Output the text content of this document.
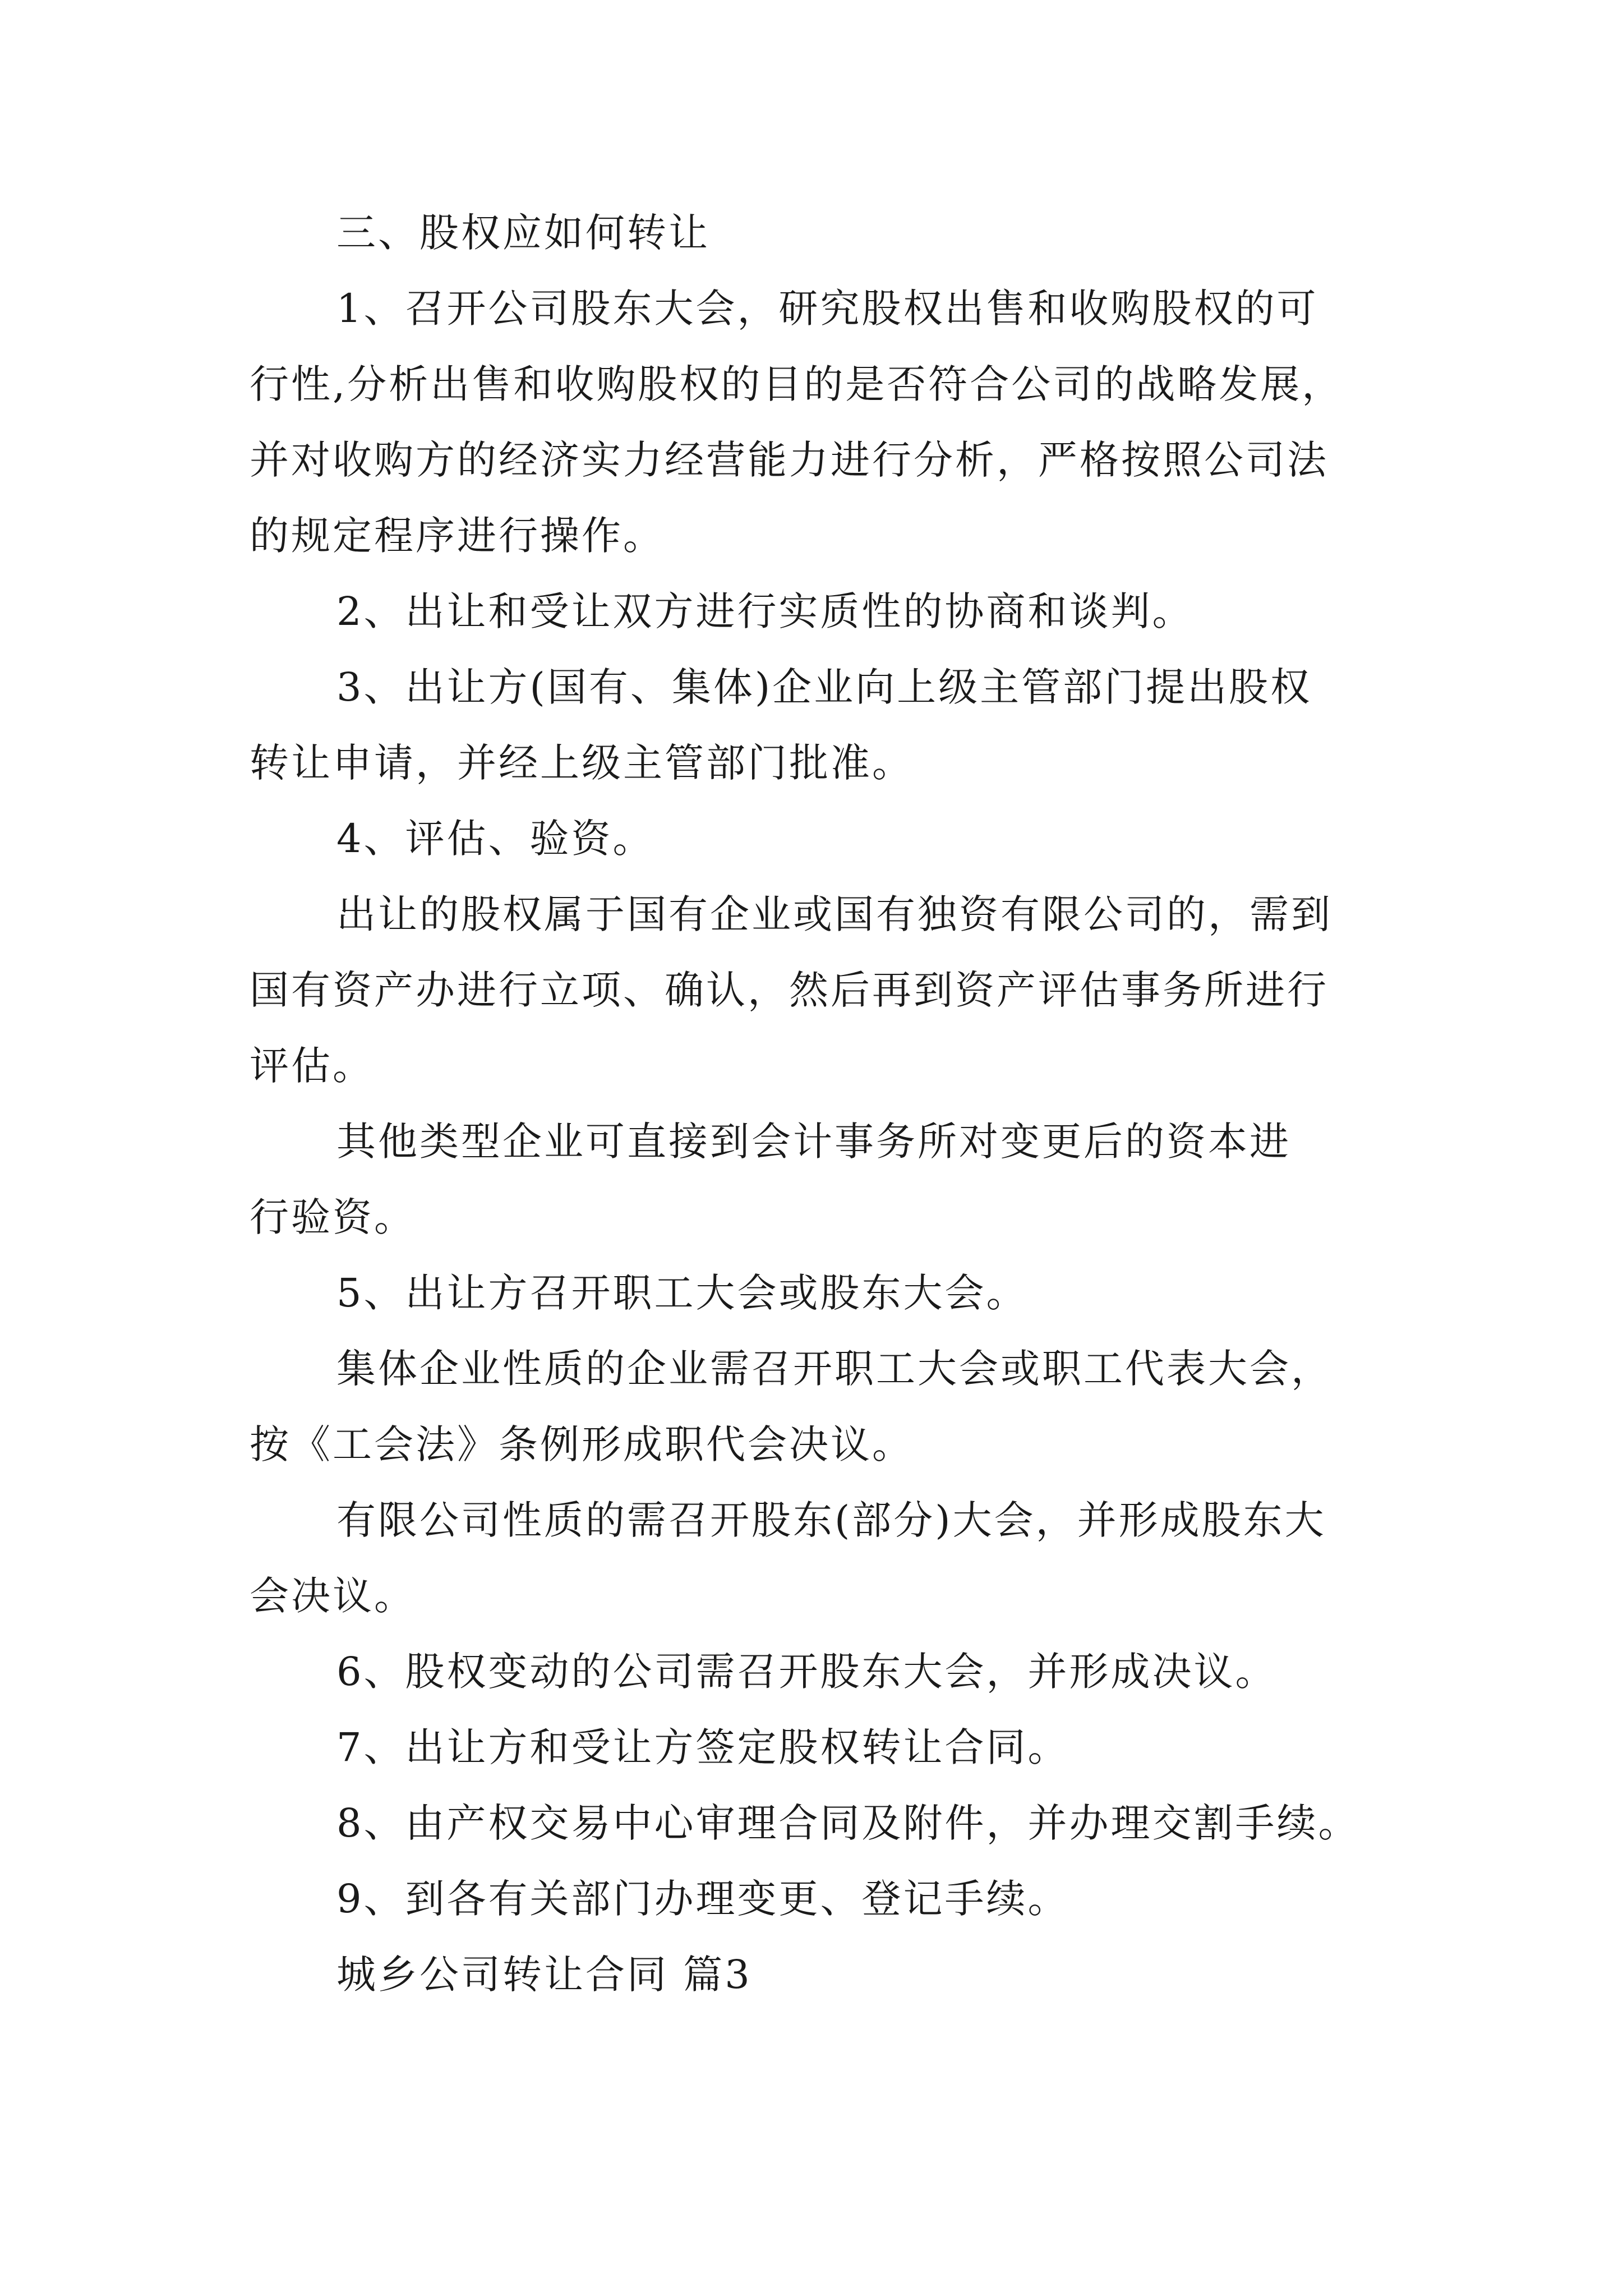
三、股权应如何转让
1、召开公司股东大会，研究股权出售和收购股权的可
行性,分析出售和收购股权的目的是否符合公司的战略发展，
并对收购方的经济实力经营能力进行分析，严格按照公司法
的规定程序进行操作。
2、出让和受让双方进行实质性的协商和谈判。
3、出让方(国有、集体)企业向上级主管部门提出股权
转让申请，并经上级主管部门批准。
4、评估、验资。
出让的股权属于国有企业或国有独资有限公司的，需到
国有资产办进行立项、确认，然后再到资产评估事务所进行
评估。
其他类型企业可直接到会计事务所对变更后的资本进
行验资。
5、出让方召开职工大会或股东大会。
集体企业性质的企业需召开职工大会或职工代表大会，
按《工会法》条例形成职代会决议。
有限公司性质的需召开股东(部分)大会，并形成股东大
会决议。
6、股权变动的公司需召开股东大会，并形成决议。
7、出让方和受让方签定股权转让合同。
8、由产权交易中心审理合同及附件，并办理交割手续。
9、到各有关部门办理变更、登记手续。
城乡公司转让合同 篇3
